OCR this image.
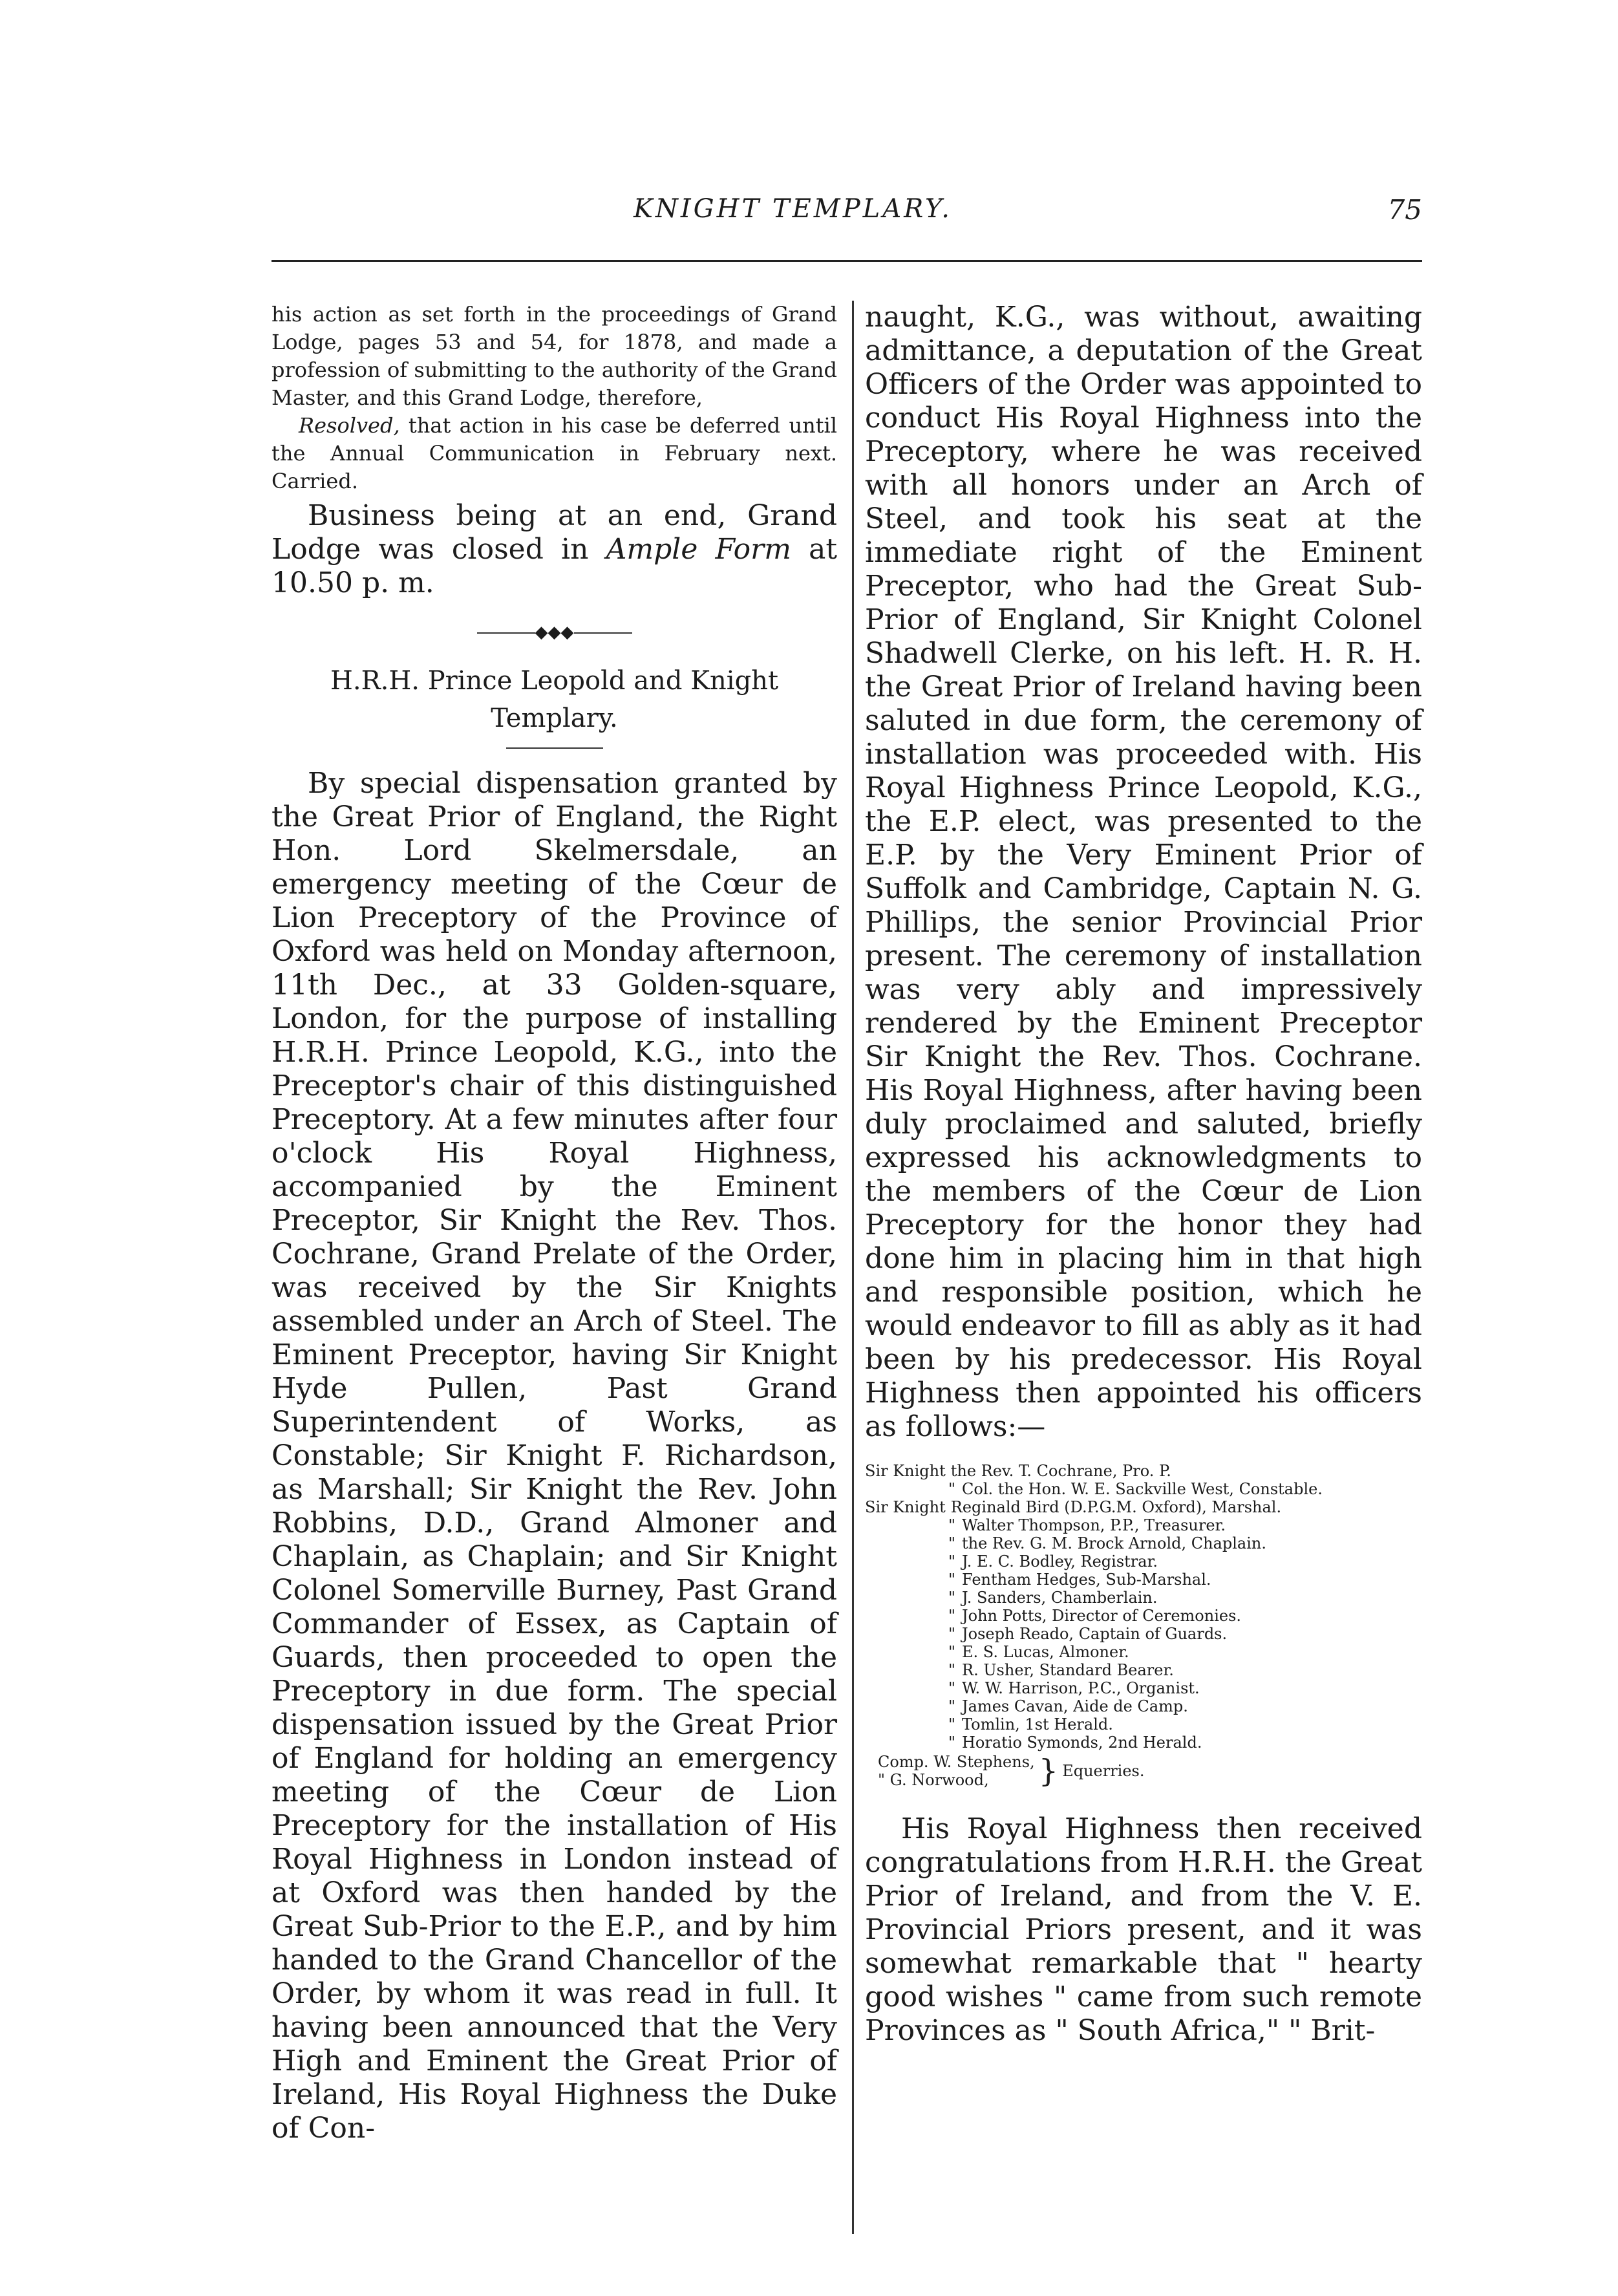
KNIGHT TEMPLARY.	75

his action as set forth in the proceedings of Grand Lodge, pages 53 and 54, for 1878, and made a profession of submitting to the authority of the Grand Master, and this Grand Lodge, therefore,

Resolved, that action in his case be deferred until the Annual Communication in February next. Carried.

Business being at an end, Grand Lodge was closed in Ample Form at 10.50 p. m.

◆◆◆

H.R.H. Prince Leopold and Knight Templary.

By special dispensation granted by the Great Prior of England, the Right Hon. Lord Skelmersdale, an emergency meeting of the Cœur de Lion Preceptory of the Province of Oxford was held on Monday afternoon, 11th Dec., at 33 Golden-square, London, for the purpose of installing H.R.H. Prince Leopold, K.G., into the Preceptor's chair of this distinguished Preceptory. At a few minutes after four o'clock His Royal Highness, accompanied by the Eminent Preceptor, Sir Knight the Rev. Thos. Cochrane, Grand Prelate of the Order, was received by the Sir Knights assembled under an Arch of Steel. The Eminent Preceptor, having Sir Knight Hyde Pullen, Past Grand Superintendent of Works, as Constable; Sir Knight F. Richardson, as Marshall; Sir Knight the Rev. John Robbins, D.D., Grand Almoner and Chaplain, as Chaplain; and Sir Knight Colonel Somerville Burney, Past Grand Commander of Essex, as Captain of Guards, then proceeded to open the Preceptory in due form. The special dispensation issued by the Great Prior of England for holding an emergency meeting of the Cœur de Lion Preceptory for the installation of His Royal Highness in London instead of at Oxford was then handed by the Great Sub-Prior to the E.P., and by him handed to the Grand Chancellor of the Order, by whom it was read in full. It having been announced that the Very High and Eminent the Great Prior of Ireland, His Royal Highness the Duke of Con-

naught, K.G., was without, awaiting admittance, a deputation of the Great Officers of the Order was appointed to conduct His Royal Highness into the Preceptory, where he was received with all honors under an Arch of Steel, and took his seat at the immediate right of the Eminent Preceptor, who had the Great Sub-Prior of England, Sir Knight Colonel Shadwell Clerke, on his left. H. R. H. the Great Prior of Ireland having been saluted in due form, the ceremony of installation was proceeded with. His Royal Highness Prince Leopold, K.G., the E.P. elect, was presented to the E.P. by the Very Eminent Prior of Suffolk and Cambridge, Captain N. G. Phillips, the senior Provincial Prior present. The ceremony of installation was very ably and impressively rendered by the Eminent Preceptor Sir Knight the Rev. Thos. Cochrane. His Royal Highness, after having been duly proclaimed and saluted, briefly expressed his acknowledgments to the members of the Cœur de Lion Preceptory for the honor they had done him in placing him in that high and responsible position, which he would endeavor to fill as ably as it had been by his predecessor. His Royal Highness then appointed his officers as follows:—

Sir Knight the Rev. T. Cochrane, Pro. P.
" Col. the Hon. W. E. Sackville West, Constable.
Sir Knight Reginald Bird (D.P.G.M. Oxford), Marshal.
" Walter Thompson, P.P., Treasurer.
" the Rev. G. M. Brock Arnold, Chaplain.
" J. E. C. Bodley, Registrar.
" Fentham Hedges, Sub-Marshal.
" J. Sanders, Chamberlain.
" John Potts, Director of Ceremonies.
" Joseph Reado, Captain of Guards.
" E. S. Lucas, Almoner.
" R. Usher, Standard Bearer.
" W. W. Harrison, P.C., Organist.
" James Cavan, Aide de Camp.
" Tomlin, 1st Herald.
" Horatio Symonds, 2nd Herald.
Comp. W. Stephens,
" G. Norwood,	} Equerries.

His Royal Highness then received congratulations from H.R.H. the Great Prior of Ireland, and from the V. E. Provincial Priors present, and it was somewhat remarkable that " hearty good wishes " came from such remote Provinces as " South Africa," " Brit-
